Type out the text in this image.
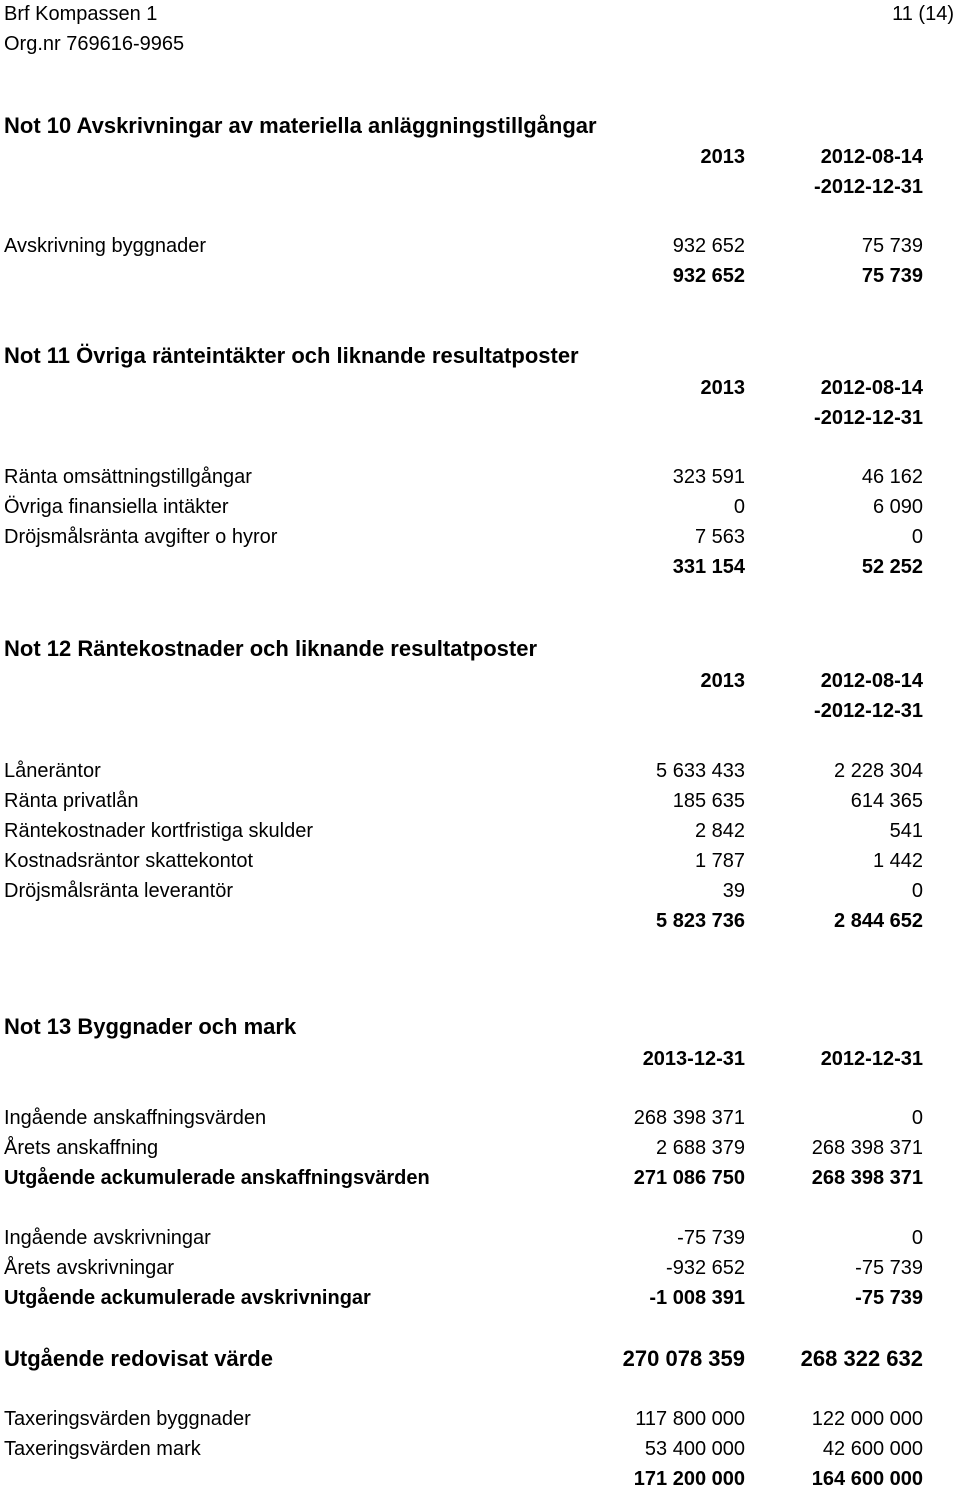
Brf Kompassen 1
Org.nr 769616-9965
11 (14)
Not 10 Avskrivningar av materiella anläggningstillgångar
2013	2012-08-14
-2012-12-31
Avskrivning byggnader	932 652	75 739
932 652	75 739
Not 11 Övriga ränteintäkter och liknande resultatposter
2013	2012-08-14
-2012-12-31
Ränta omsättningstillgångar	323 591	46 162
Övriga finansiella intäkter	0	6 090
Dröjsmålsränta avgifter o hyror	7 563	0
331 154	52 252
Not 12 Räntekostnader och liknande resultatposter
2013	2012-08-14
-2012-12-31
Låneräntor	5 633 433	2 228 304
Ränta privatlån	185 635	614 365
Räntekostnader kortfristiga skulder	2 842	541
Kostnadsräntor skattekontot	1 787	1 442
Dröjsmålsränta leverantör	39	0
5 823 736	2 844 652
Not 13 Byggnader och mark
2013-12-31	2012-12-31
Ingående anskaffningsvärden	268 398 371	0
Årets anskaffning	2 688 379	268 398 371
Utgående ackumulerade anskaffningsvärden	271 086 750	268 398 371
Ingående avskrivningar	-75 739	0
Årets avskrivningar	-932 652	-75 739
Utgående ackumulerade avskrivningar	-1 008 391	-75 739
Utgående redovisat värde	270 078 359	268 322 632
Taxeringsvärden byggnader	117 800 000	122 000 000
Taxeringsvärden mark	53 400 000	42 600 000
171 200 000	164 600 000
